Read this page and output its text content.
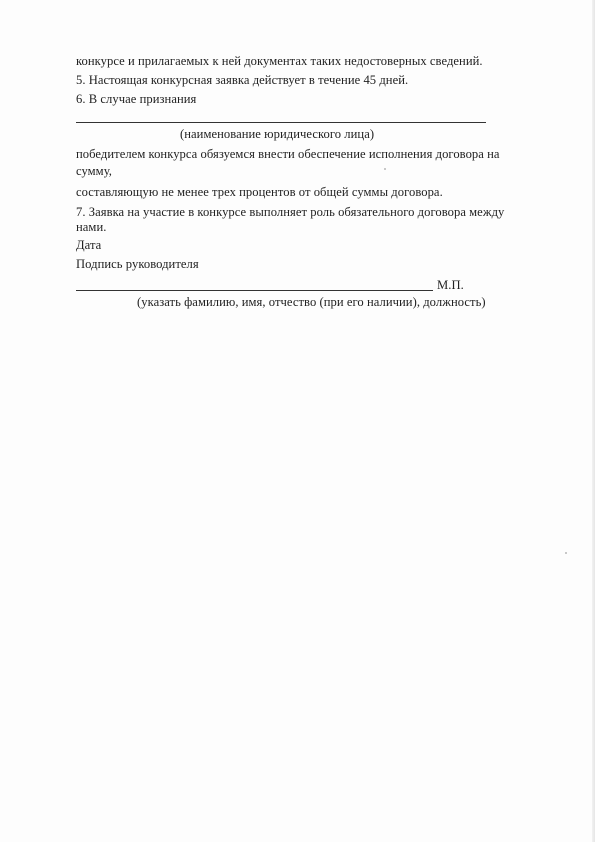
конкурсе и прилагаемых к ней документах таких недостоверных сведений.
5. Настоящая конкурсная заявка действует в течение 45 дней.
6. В случае признания
(наименование юридического лица)
победителем конкурса обязуемся внести обеспечение исполнения договора на
сумму,
составляющую не менее трех процентов от общей суммы договора.
7. Заявка на участие в конкурсе выполняет роль обязательного договора между
нами.
Дата
Подпись руководителя
М.П.
(указать фамилию, имя, отчество (при его наличии), должность)
